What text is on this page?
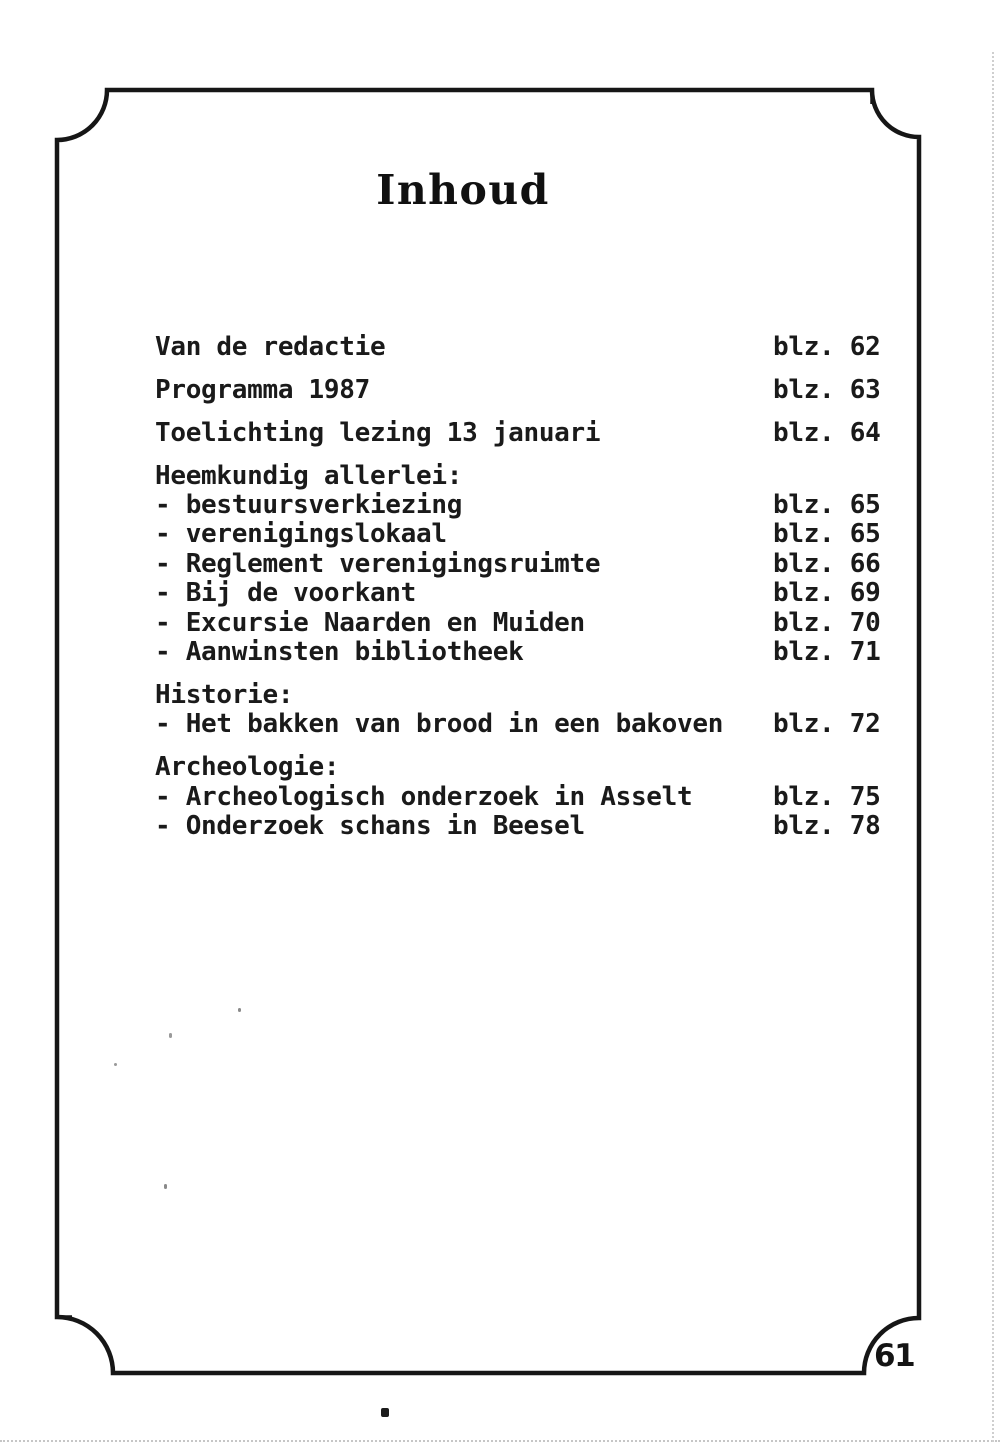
Inhoud
Van de redactie	blz. 62
Programma 1987	blz. 63
Toelichting lezing 13 januari	blz. 64
Heemkundig allerlei:
- bestuursverkiezing	blz. 65
- verenigingslokaal	blz. 65
- Reglement verenigingsruimte	blz. 66
- Bij de voorkant	blz. 69
- Excursie Naarden en Muiden	blz. 70
- Aanwinsten bibliotheek	blz. 71
Historie:
- Het bakken van brood in een bakoven blz. 72
Archeologie:
- Archeologisch onderzoek in Asselt	blz. 75
- Onderzoek schans in Beesel	blz. 78
61
